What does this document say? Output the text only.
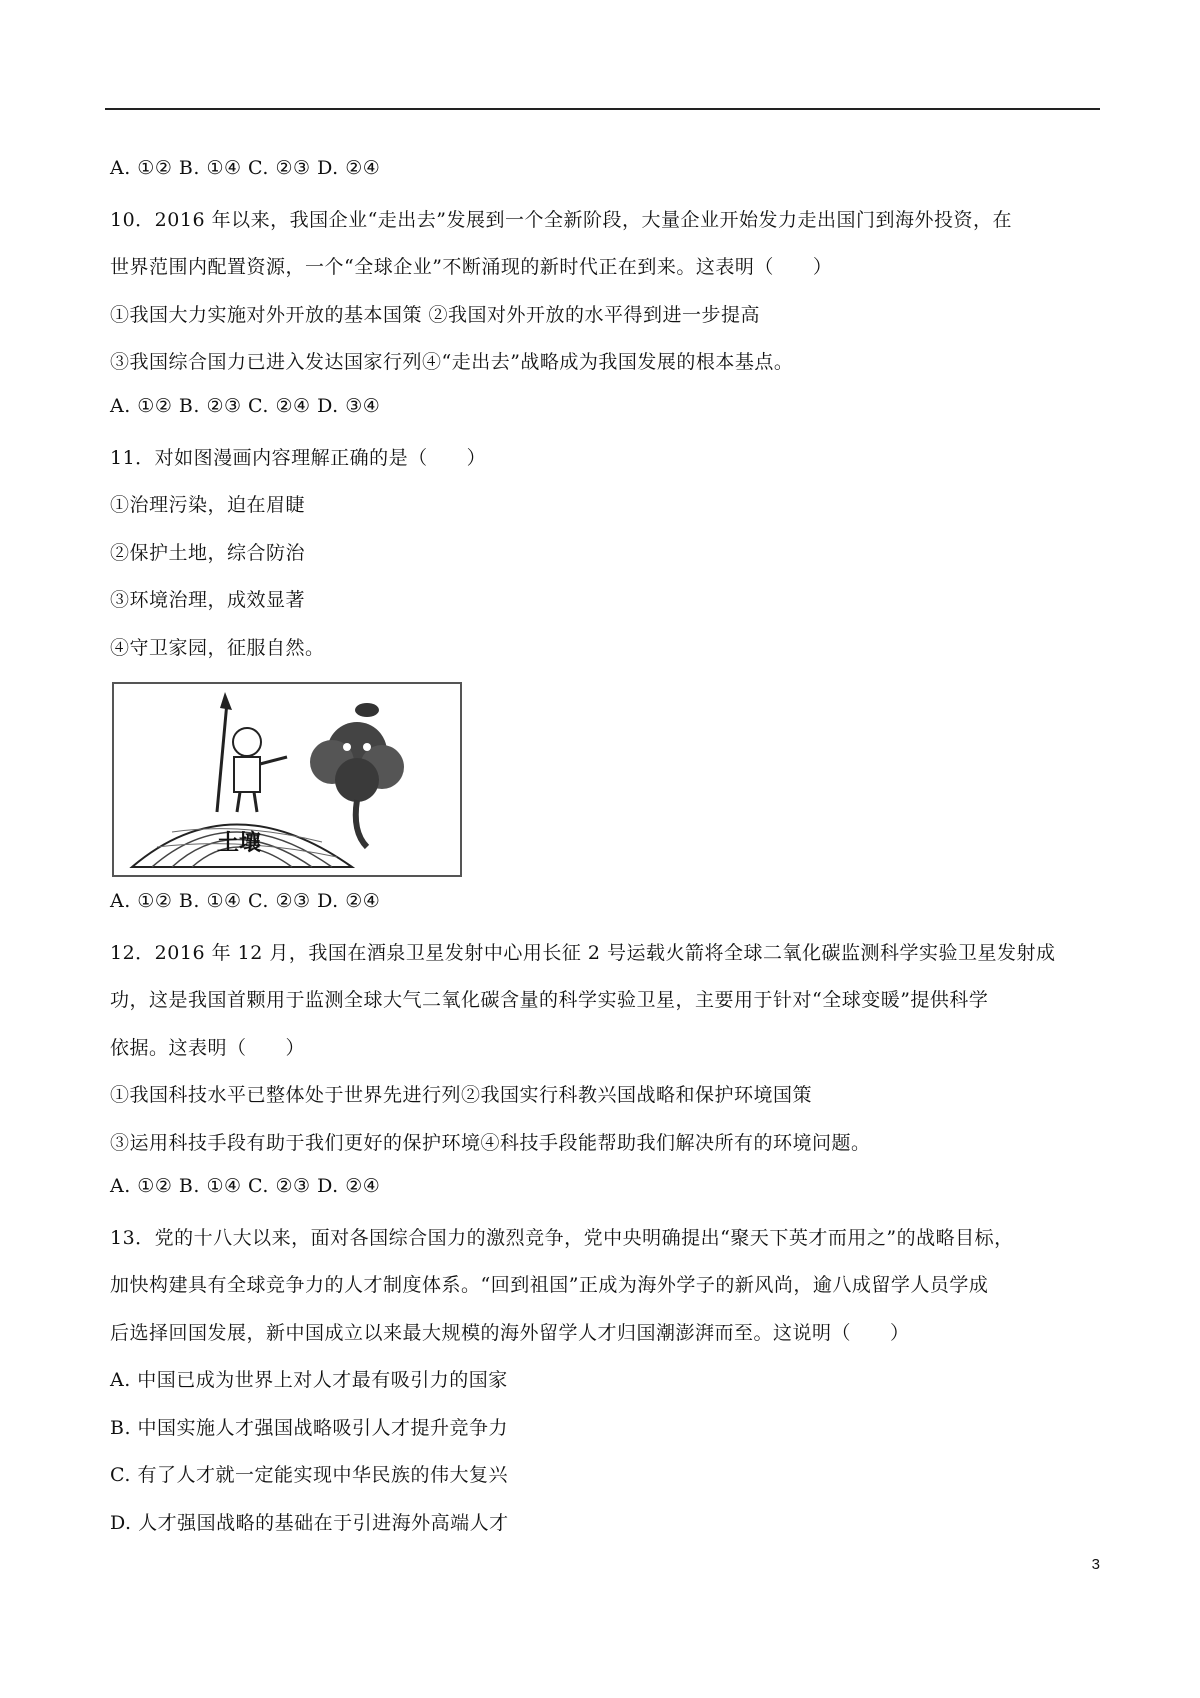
A. ①② B. ①④ C. ②③ D. ②④
10．2016 年以来，我国企业“走出去”发展到一个全新阶段，大量企业开始发力走出国门到海外投资，在
世界范围内配置资源，一个“全球企业”不断涌现的新时代正在到来。这表明（　　）
①我国大力实施对外开放的基本国策 ②我国对外开放的水平得到进一步提高
③我国综合国力已进入发达国家行列④“走出去”战略成为我国发展的根本基点。
A. ①② B. ②③ C. ②④ D. ③④
11．对如图漫画内容理解正确的是（　　）
①治理污染，迫在眉睫
②保护土地，综合防治
③环境治理，成效显著
④守卫家园，征服自然。
土壤
A. ①② B. ①④ C. ②③ D. ②④
12．2016 年 12 月，我国在酒泉卫星发射中心用长征 2 号运载火箭将全球二氧化碳监测科学实验卫星发射成
功，这是我国首颗用于监测全球大气二氧化碳含量的科学实验卫星，主要用于针对“全球变暖”提供科学
依据。这表明（　　）
①我国科技水平已整体处于世界先进行列②我国实行科教兴国战略和保护环境国策
③运用科技手段有助于我们更好的保护环境④科技手段能帮助我们解决所有的环境问题。
A. ①② B. ①④ C. ②③ D. ②④
13．党的十八大以来，面对各国综合国力的激烈竞争，党中央明确提出“聚天下英才而用之”的战略目标，
加快构建具有全球竞争力的人才制度体系。“回到祖国”正成为海外学子的新风尚，逾八成留学人员学成
后选择回国发展，新中国成立以来最大规模的海外留学人才归国潮澎湃而至。这说明（　　）
A. 中国已成为世界上对人才最有吸引力的国家
B. 中国实施人才强国战略吸引人才提升竞争力
C. 有了人才就一定能实现中华民族的伟大复兴
D. 人才强国战略的基础在于引进海外高端人才
3
